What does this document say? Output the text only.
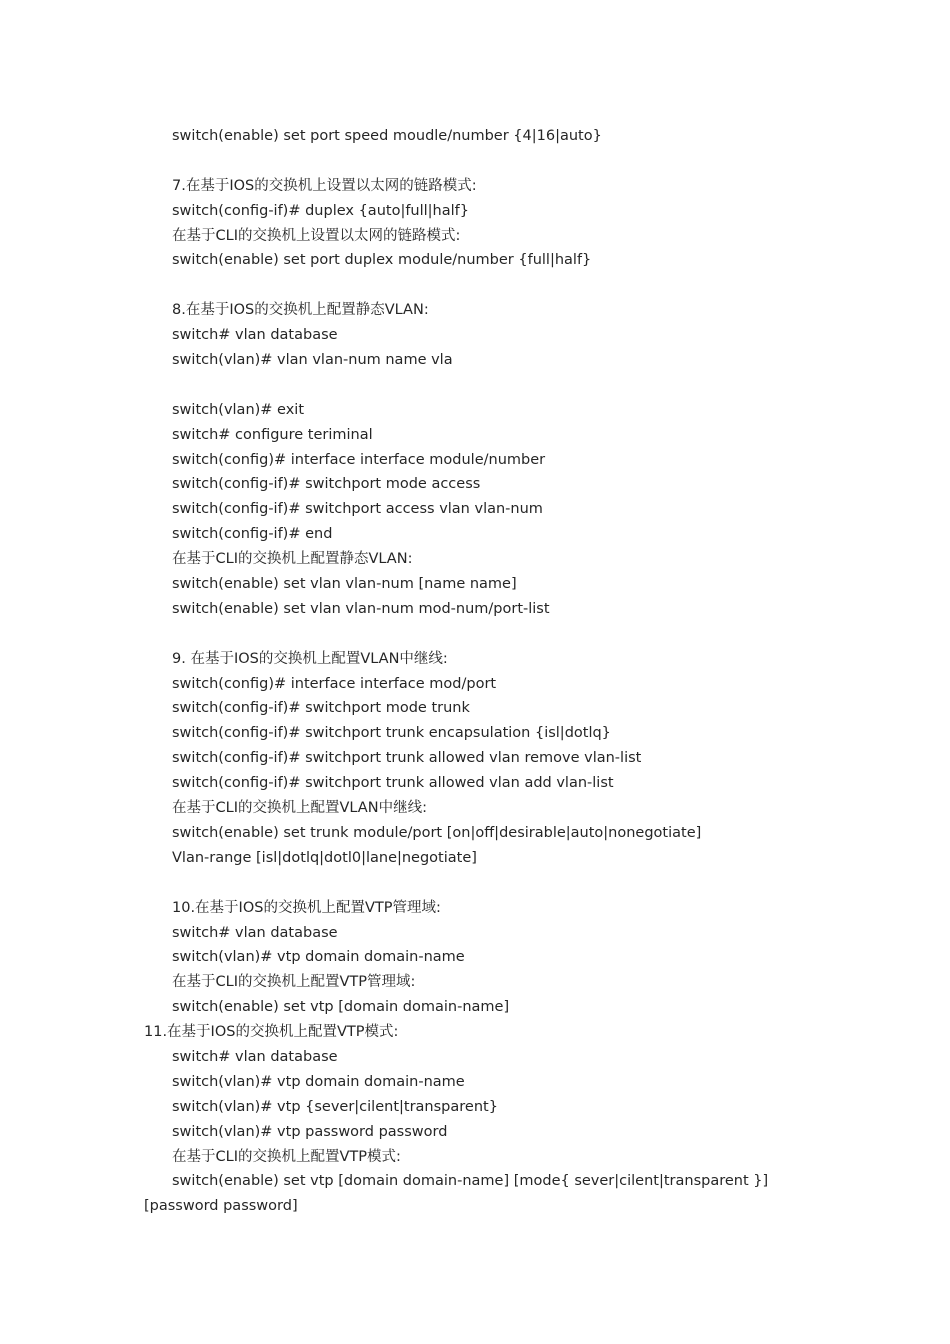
switch(enable) set port speed moudle/number {4|16|auto}
7.在基于IOS的交换机上设置以太网的链路模式:
switch(config-if)# duplex {auto|full|half}
在基于CLI的交换机上设置以太网的链路模式:
switch(enable) set port duplex module/number {full|half}
8.在基于IOS的交换机上配置静态VLAN:
switch# vlan database
switch(vlan)# vlan vlan-num name vla
switch(vlan)# exit
switch# configure teriminal
switch(config)# interface interface module/number
switch(config-if)# switchport mode access
switch(config-if)# switchport access vlan vlan-num
switch(config-if)# end
在基于CLI的交换机上配置静态VLAN:
switch(enable) set vlan vlan-num [name name]
switch(enable) set vlan vlan-num mod-num/port-list
9. 在基于IOS的交换机上配置VLAN中继线:
switch(config)# interface interface mod/port
switch(config-if)# switchport mode trunk
switch(config-if)# switchport trunk encapsulation {isl|dotlq}
switch(config-if)# switchport trunk allowed vlan remove vlan-list
switch(config-if)# switchport trunk allowed vlan add vlan-list
在基于CLI的交换机上配置VLAN中继线:
switch(enable) set trunk module/port [on|off|desirable|auto|nonegotiate]
Vlan-range [isl|dotlq|dotl0|lane|negotiate]
10.在基于IOS的交换机上配置VTP管理域:
switch# vlan database
switch(vlan)# vtp domain domain-name
在基于CLI的交换机上配置VTP管理域:
switch(enable) set vtp [domain domain-name]
11.在基于IOS的交换机上配置VTP模式:
switch# vlan database
switch(vlan)# vtp domain domain-name
switch(vlan)# vtp {sever|cilent|transparent}
switch(vlan)# vtp password password
在基于CLI的交换机上配置VTP模式:
switch(enable) set vtp [domain domain-name] [mode{ sever|cilent|transparent }]
[password password]
